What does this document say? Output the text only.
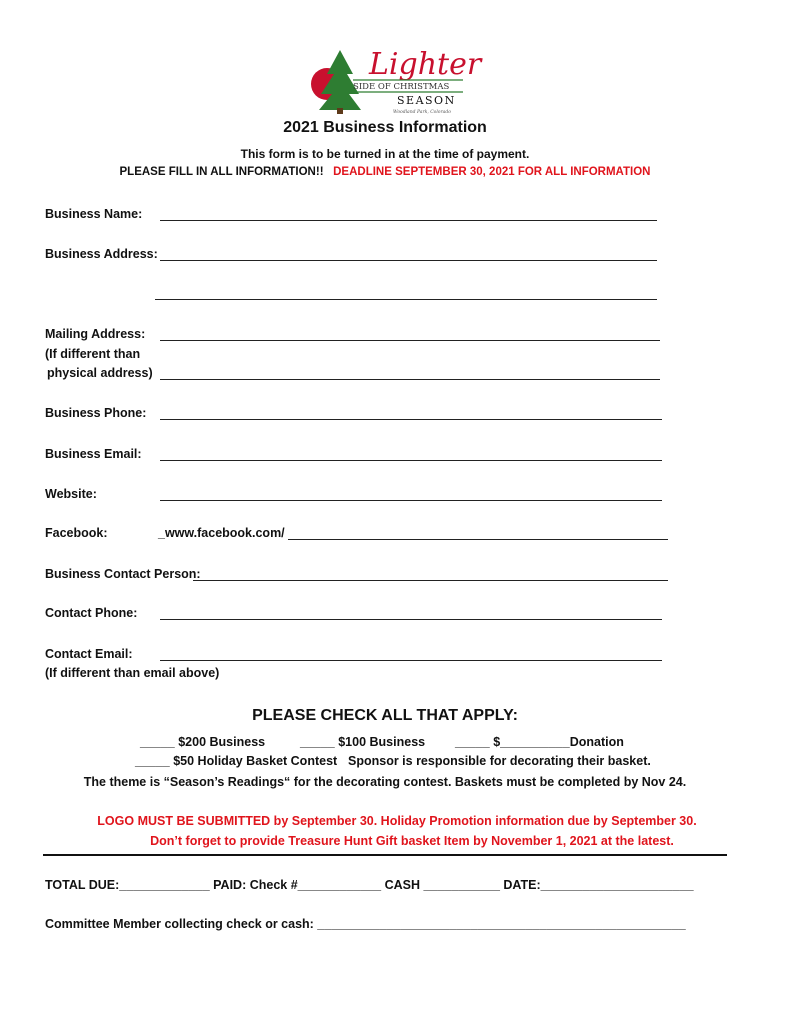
Lighter
SIDE OF CHRISTMAS
SEASON
Woodland Park, Colorado
2021 Business Information
This form is to be turned in at the time of payment.
PLEASE FILL IN ALL INFORMATION!! DEADLINE SEPTEMBER 30, 2021 FOR ALL INFORMATION
Business Name:
Business Address:
Mailing Address:
(If different than
physical address)
Business Phone:
Business Email:
Website:
Facebook:	_www.facebook.com/
Business Contact Person:
Contact Phone:
Contact Email:
(If different than email above)
PLEASE CHECK ALL THAT APPLY:
_____ $200 Business	_____ $100 Business _____ $__________Donation
_____ $50 Holiday Basket Contest Sponsor is responsible for decorating their basket.
The theme is “Season’s Readings“ for the decorating contest. Baskets must be completed by Nov 24.
LOGO MUST BE SUBMITTED by September 30. Holiday Promotion information due by September 30.
Don’t forget to provide Treasure Hunt Gift basket Item by November 1, 2021 at the latest.
TOTAL DUE:_____________ PAID: Check #____________ CASH ___________ DATE:______________________
Committee Member collecting check or cash: _____________________________________________________
